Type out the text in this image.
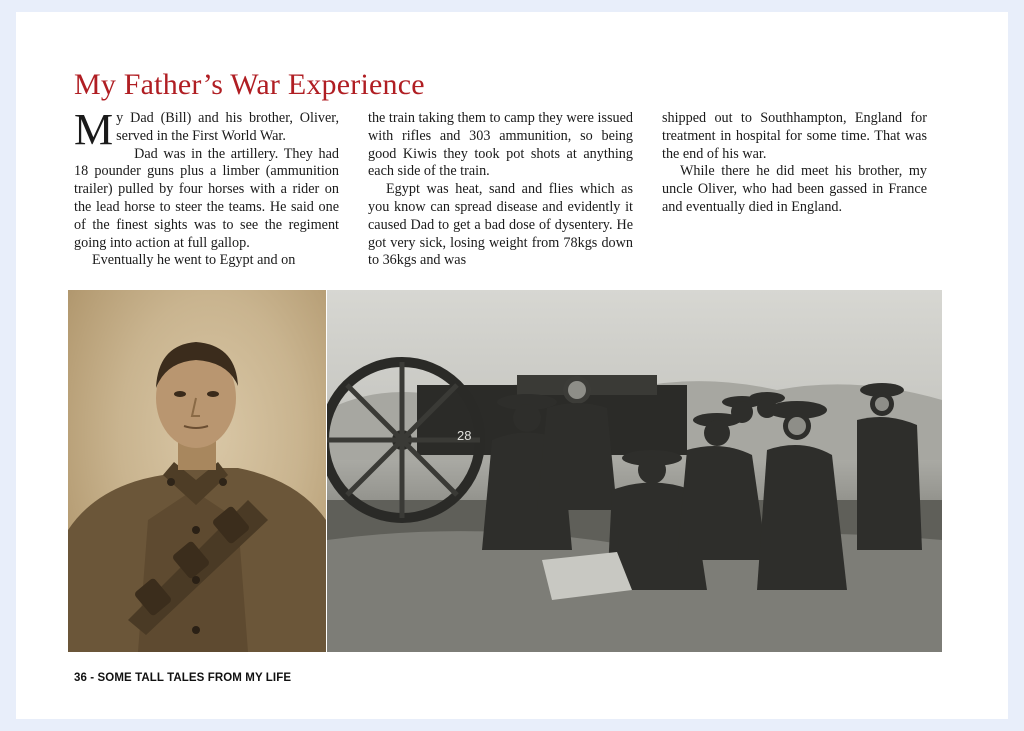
My Father’s War Experience

My Dad (Bill) and his brother, Oliver, served in the First World War.

Dad was in the artillery. They had 18 pounder guns plus a limber (ammunition trailer) pulled by four horses with a rider on the lead horse to steer the teams. He said one of the finest sights was to see the regiment going into action at full gallop.

Eventually he went to Egypt and on

the train taking them to camp they were issued with rifles and 303 ammunition, so being good Kiwis they took pot shots at anything each side of the train.

Egypt was heat, sand and flies which as you know can spread disease and evidently it caused Dad to get a bad dose of dysentery. He got very sick, losing weight from 78kgs down to 36kgs and was

shipped out to Southhampton, England for treatment in hospital for some time. That was the end of his war.

While there he did meet his brother, my uncle Oliver, who had been gassed in France and eventually died in England.

28
36 - SOME TALL TALES FROM MY LIFE
